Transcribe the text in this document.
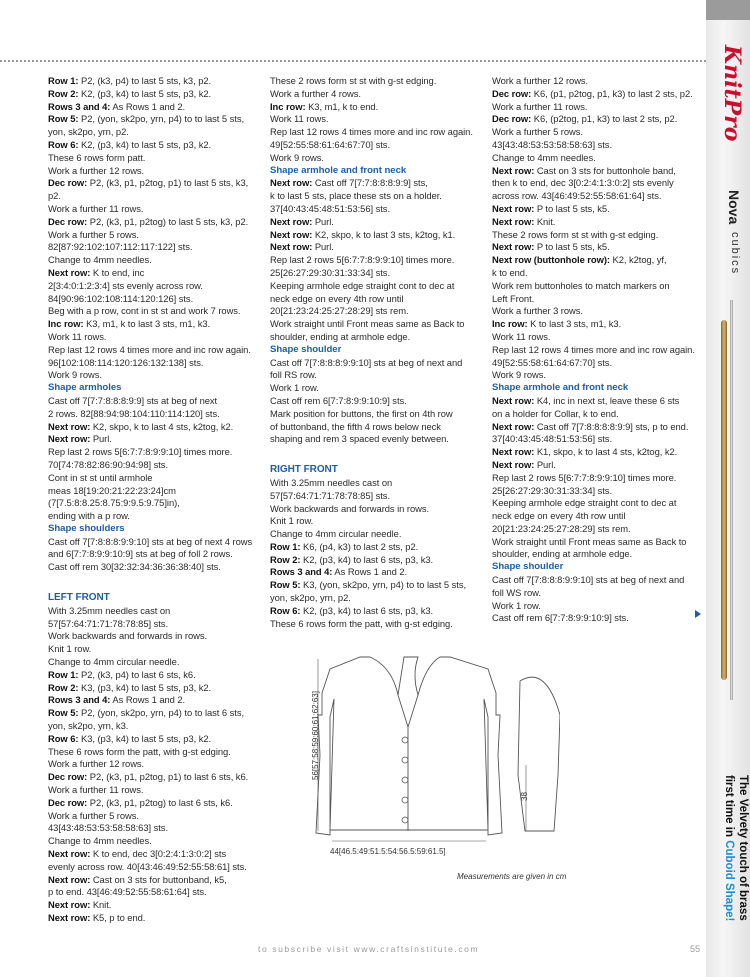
Row 1: P2, (k3, p4) to last 5 sts, k3, p2.

Row 2: K2, (p3, k4) to last 5 sts, p3, k2.

Rows 3 and 4: As Rows 1 and 2.

Row 5: P2, (yon, sk2po, yrn, p4) to to last 5 sts,

yon, sk2po, yrn, p2.

Row 6: K2, (p3, k4) to last 5 sts, p3, k2.

These 6 rows form patt.

Work a further 12 rows.

Dec row: P2, (k3, p1, p2tog, p1) to last 5 sts, k3,

p2.

Work a further 11 rows.

Dec row: P2, (k3, p1, p2tog) to last 5 sts, k3, p2.

Work a further 5 rows.

82[87:92:102:107:112:117:122] sts.

Change to 4mm needles.

Next row: K to end, inc

2[3:4:0:1:2:3:4] sts evenly across row.

84[90:96:102:108:114:120:126] sts.

Beg with a p row, cont in st st and work 7 rows.

Inc row: K3, m1, k to last 3 sts, m1, k3.

Work 11 rows.

Rep last 12 rows 4 times more and inc row again.

96[102:108:114:120:126:132:138] sts.

Work 9 rows.

Shape armholes

Cast off 7[7:7:8:8:8:9:9] sts at beg of next

2 rows. 82[88:94:98:104:110:114:120] sts.

Next row: K2, skpo, k to last 4 sts, k2tog, k2.

Next row: Purl.

Rep last 2 rows 5[6:7:7:8:9:9:10] times more.

70[74:78:82:86:90:94:98] sts.

Cont in st st until armhole

meas 18[19:20:21:22:23:24]cm

(7[7.5:8:8.25:8.75:9:9.5:9.75]in),

ending with a p row.

Shape shoulders

Cast off 7[7:8:8:8:9:9:10] sts at beg of next 4 rows

and 6[7:7:8:9:9:10:9] sts at beg of foll 2 rows.

Cast off rem 30[32:32:34:36:36:38:40] sts.

LEFT FRONT

With 3.25mm needles cast on

57[57:64:71:71:78:78:85] sts.

Work backwards and forwards in rows.

Knit 1 row.

Change to 4mm circular needle.

Row 1: P2, (k3, p4) to last 6 sts, k6.

Row 2: K3, (p3, k4) to last 5 sts, p3, k2.

Rows 3 and 4: As Rows 1 and 2.

Row 5: P2, (yon, sk2po, yrn, p4) to to last 6 sts,

yon, sk2po, yrn, k3.

Row 6: K3, (p3, k4) to last 5 sts, p3, k2.

These 6 rows form the patt, with g-st edging.

Work a further 12 rows.

Dec row: P2, (k3, p1, p2tog, p1) to last 6 sts, k6.

Work a further 11 rows.

Dec row: P2, (k3, p1, p2tog) to last 6 sts, k6.

Work a further 5 rows.

43[43:48:53:53:58:58:63] sts.

Change to 4mm needles.

Next row: K to end, dec 3[0:2:4:1:3:0:2] sts

evenly across row. 40[43:46:49:52:55:58:61] sts.

Next row: Cast on 3 sts for buttonband, k5,

p to end. 43[46:49:52:55:58:61:64] sts.

Next row: Knit.

Next row: K5, p to end.

These 2 rows form st st with g-st edging.

Work a further 4 rows.

Inc row: K3, m1, k to end.

Work 11 rows.

Rep last 12 rows 4 times more and inc row again.

49[52:55:58:61:64:67:70] sts.

Work 9 rows.

Shape armhole and front neck

Next row: Cast off 7[7:7:8:8:8:9:9] sts,

k to last 5 sts, place these sts on a holder.

37[40:43:45:48:51:53:56] sts.

Next row: Purl.

Next row: K2, skpo, k to last 3 sts, k2tog, k1.

Next row: Purl.

Rep last 2 rows 5[6:7:7:8:9:9:10] times more.

25[26:27:29:30:31:33:34] sts.

Keeping armhole edge straight cont to dec at

neck edge on every 4th row until

20[21:23:24:25:27:28:29] sts rem.

Work straight until Front meas same as Back to

shoulder, ending at armhole edge.

Shape shoulder

Cast off 7[7:8:8:8:9:9:10] sts at beg of next and

foll RS row.

Work 1 row.

Cast off rem 6[7:7:8:9:9:10:9] sts.

Mark position for buttons, the first on 4th row

of buttonband, the fifth 4 rows below neck

shaping and rem 3 spaced evenly between.

RIGHT FRONT

With 3.25mm needles cast on

57[57:64:71:71:78:78:85] sts.

Work backwards and forwards in rows.

Knit 1 row.

Change to 4mm circular needle.

Row 1: K6, (p4, k3) to last 2 sts, p2.

Row 2: K2, (p3, k4) to last 6 sts, p3, k3.

Rows 3 and 4: As Rows 1 and 2.

Row 5: K3, (yon, sk2po, yrn, p4) to to last 5 sts,

yon, sk2po, yrn, p2.

Row 6: K2, (p3, k4) to last 6 sts, p3, k3.

These 6 rows form the patt, with g-st edging.

Work a further 12 rows.

Dec row: K6, (p1, p2tog, p1, k3) to last 2 sts, p2.

Work a further 11 rows.

Dec row: K6, (p2tog, p1, k3) to last 2 sts, p2.

Work a further 5 rows.

43[43:48:53:53:58:58:63] sts.

Change to 4mm needles.

Next row: Cast on 3 sts for buttonhole band,

then k to end, dec 3[0:2:4:1:3:0:2] sts evenly

across row. 43[46:49:52:55:58:61:64] sts.

Next row: P to last 5 sts, k5.

Next row: Knit.

These 2 rows form st st with g-st edging.

Next row: P to last 5 sts, k5.

Next row (buttonhole row): K2, k2tog, yf,

k to end.

Work rem buttonholes to match markers on

Left Front.

Work a further 3 rows.

Inc row: K to last 3 sts, m1, k3.

Work 11 rows.

Rep last 12 rows 4 times more and inc row again.

49[52:55:58:61:64:67:70] sts.

Work 9 rows.

Shape armhole and front neck

Next row: K4, inc in next st, leave these 6 sts

on a holder for Collar, k to end.

Next row: Cast off 7[7:8:8:8:8:9:9] sts, p to end.

37[40:43:45:48:51:53:56] sts.

Next row: K1, skpo, k to last 4 sts, k2tog, k2.

Next row: Purl.

Rep last 2 rows 5[6:7:7:8:9:9:10] times more.

25[26:27:29:30:31:33:34] sts.

Keeping armhole edge straight cont to dec at

neck edge on every 4th row until

20[21:23:24:25:27:28:29] sts rem.

Work straight until Front meas same as Back to

shoulder, ending at armhole edge.

Shape shoulder

Cast off 7[7:8:8:8:9:9:10] sts at beg of next and

foll WS row.

Work 1 row.

Cast off rem 6[7:7:8:9:9:10:9] sts.

44[46.5:49:51.5:54:56.5:59:61.5]
56[57:58:59:60:61:62:63]
38
Measurements are given in cm
KnitPro
Nova
cubics
The Velvety touch of brass
first time in Cuboid Shape!
to subscribe visit www.craftsinstitute.com	55
